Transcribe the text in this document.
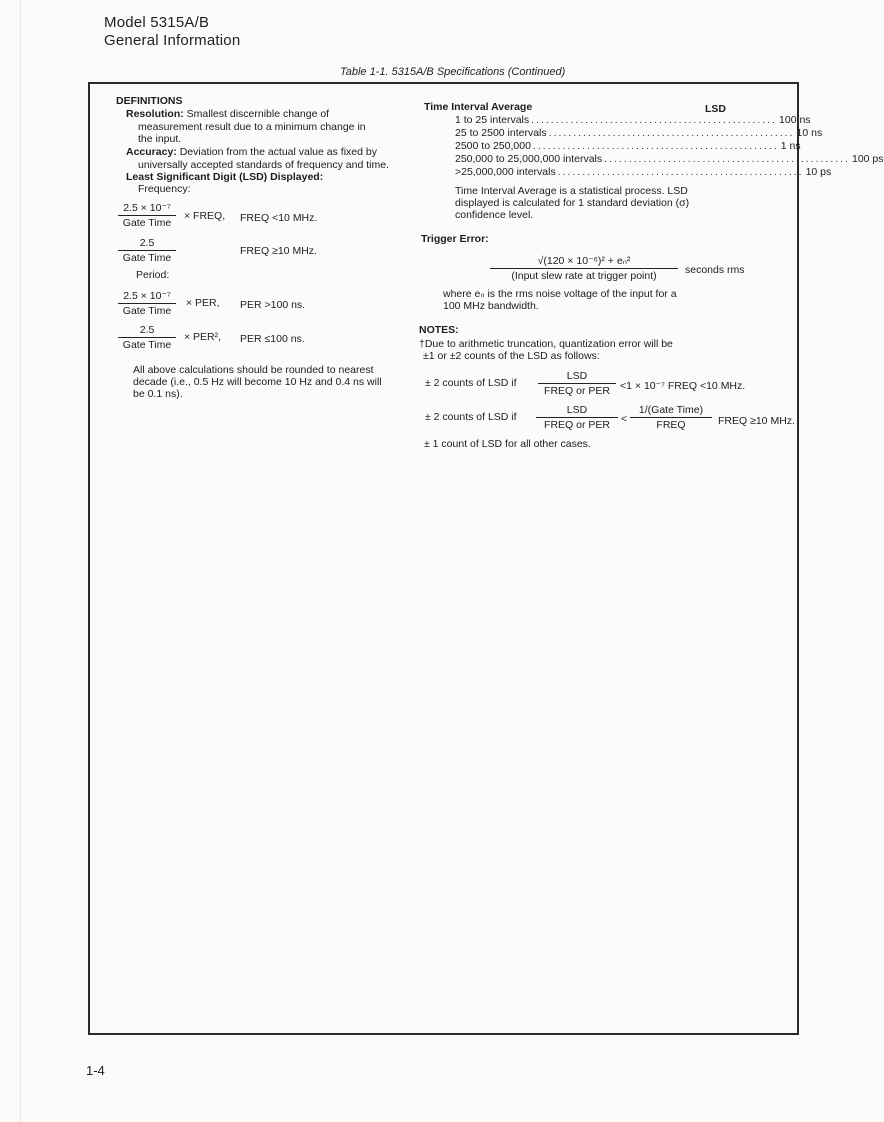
Model 5315A/B
General Information
Table 1-1. 5315A/B Specifications (Continued)
DEFINITIONS
Resolution: Smallest discernible change of
measurement result due to a minimum change in
the input.
Accuracy: Deviation from the actual value as fixed by
universally accepted standards of frequency and time.
Least Significant Digit (LSD) Displayed:
Frequency:
2.5 × 10⁻⁷
Gate Time
× FREQ, FREQ <10 MHz.
2.5
Gate Time
FREQ ≥10 MHz.
Period:
2.5 × 10⁻⁷
Gate Time
× PER, PER >100 ns.
2.5
Gate Time
× PER², PER ≤100 ns.
All above calculations should be rounded to nearest
decade (i.e., 0.5 Hz will become 10 Hz and 0.4 ns will
be 0.1 ns).
Time Interval Average	LSD
1 to 25 intervals .................................................. 100 ns
25 to 2500 intervals .................................................. 10 ns
2500 to 250,000 .................................................. 1 ns
250,000 to 25,000,000 intervals .................................................. 100 ps
>25,000,000 intervals .................................................. 10 ps
Time Interval Average is a statistical process. LSD
displayed is calculated for 1 standard deviation (σ)
confidence level.
Trigger Error:
√(120 × 10⁻⁶)² + eₙ²
(Input slew rate at trigger point)	seconds rms
where eₙ is the rms noise voltage of the input for a
100 MHz bandwidth.
NOTES:
†Due to arithmetic truncation, quantization error will be
±1 or ±2 counts of the LSD as follows:
± 2 counts of LSD if
LSD
FREQ or PER <1 × 10⁻⁷ FREQ <10 MHz.
± 2 counts of LSD if
LSD
FREQ or PER	<
1/(Gate Time)
FREQ	FREQ ≥10 MHz.
± 1 count of LSD for all other cases.
1-4
